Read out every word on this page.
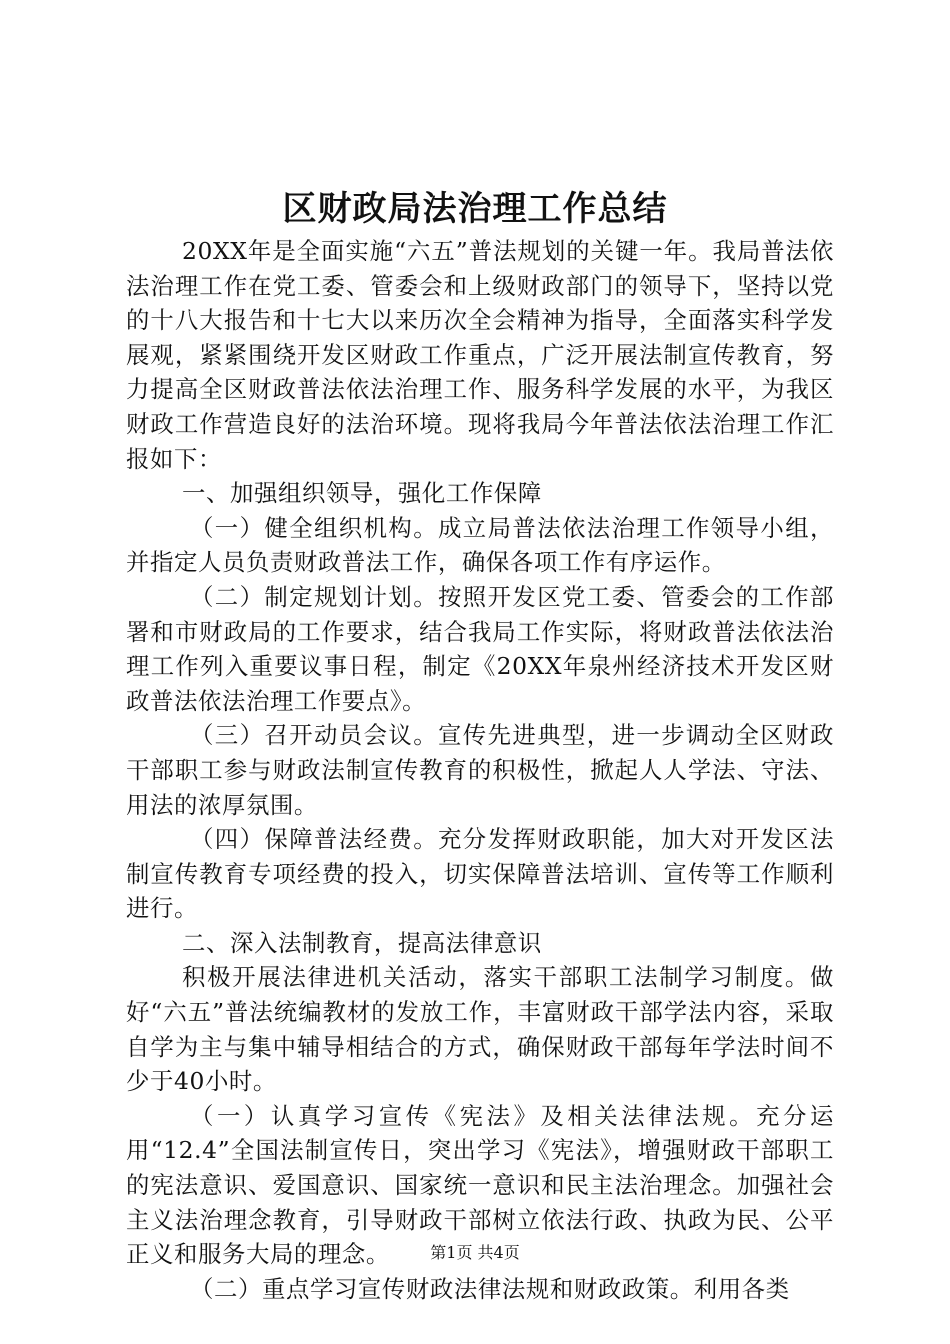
区财政局法治理工作总结

20XX年是全面实施“六五”普法规划的关键一年。我局普法依法治理工作在党工委、管委会和上级财政部门的领导下，坚持以党的十八大报告和十七大以来历次全会精神为指导，全面落实科学发展观，紧紧围绕开发区财政工作重点，广泛开展法制宣传教育，努力提高全区财政普法依法治理工作、服务科学发展的水平，为我区财政工作营造良好的法治环境。现将我局今年普法依法治理工作汇报如下：

一、加强组织领导，强化工作保障

（一）健全组织机构。成立局普法依法治理工作领导小组，并指定人员负责财政普法工作，确保各项工作有序运作。

（二）制定规划计划。按照开发区党工委、管委会的工作部署和市财政局的工作要求，结合我局工作实际，将财政普法依法治理工作列入重要议事日程，制定《20XX年泉州经济技术开发区财政普法依法治理工作要点》。

（三）召开动员会议。宣传先进典型，进一步调动全区财政干部职工参与财政法制宣传教育的积极性，掀起人人学法、守法、用法的浓厚氛围。

（四）保障普法经费。充分发挥财政职能，加大对开发区法制宣传教育专项经费的投入，切实保障普法培训、宣传等工作顺利进行。

二、深入法制教育，提高法律意识

积极开展法律进机关活动，落实干部职工法制学习制度。做好“六五”普法统编教材的发放工作，丰富财政干部学法内容，采取自学为主与集中辅导相结合的方式，确保财政干部每年学法时间不少于40小时。

（一）认真学习宣传《宪法》及相关法律法规。充分运用“12.4”全国法制宣传日，突出学习《宪法》，增强财政干部职工的宪法意识、爱国意识、国家统一意识和民主法治理念。加强社会主义法治理念教育，引导财政干部树立依法行政、执政为民、公平正义和服务大局的理念。

（二）重点学习宣传财政法律法规和财政政策。利用各类

第1页 共4页
